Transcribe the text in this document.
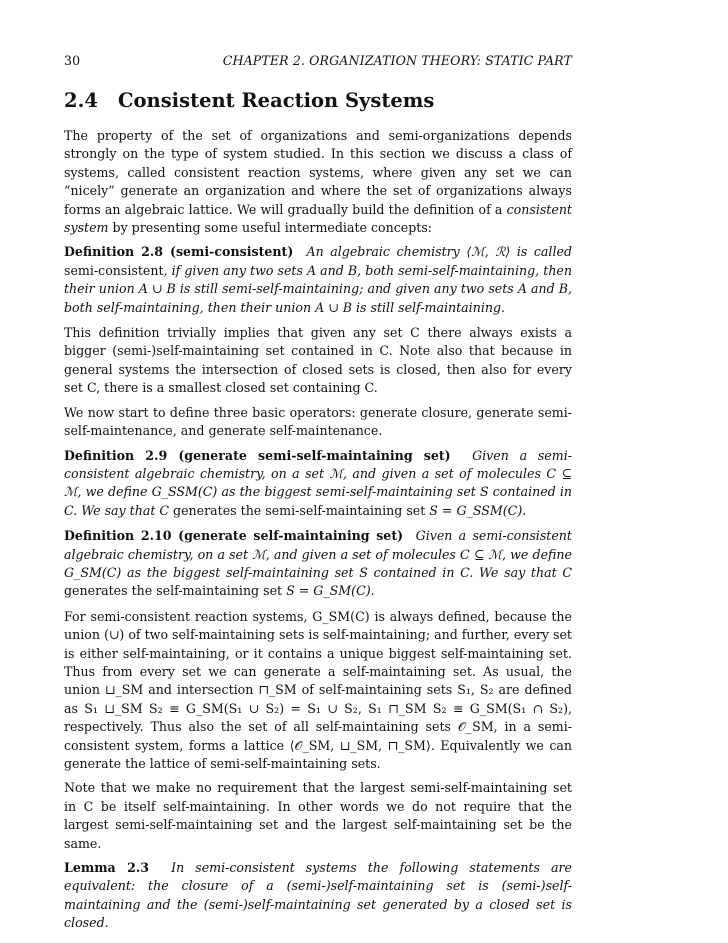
30	CHAPTER 2. ORGANIZATION THEORY: STATIC PART
2.4 Consistent Reaction Systems

The property of the set of organizations and semi-organizations depends strongly on the type of system studied. In this section we discuss a class of systems, called consistent reaction systems, where given any set we can “nicely” generate an organization and where the set of organizations always forms an algebraic lattice. We will gradually build the definition of a consistent system by presenting some useful intermediate concepts:

Definition 2.8 (semi-consistent) An algebraic chemistry ⟨ℳ, ℛ⟩ is called semi-consistent, if given any two sets A and B, both semi-self-maintaining, then their union A ∪ B is still semi-self-maintaining; and given any two sets A and B, both self-maintaining, then their union A ∪ B is still self-maintaining.

This definition trivially implies that given any set C there always exists a bigger (semi-)self-maintaining set contained in C. Note also that because in general systems the intersection of closed sets is closed, then also for every set C, there is a smallest closed set containing C.

We now start to define three basic operators: generate closure, generate semi-self-maintenance, and generate self-maintenance.

Definition 2.9 (generate semi-self-maintaining set) Given a semi-consistent algebraic chemistry, on a set ℳ, and given a set of molecules C ⊆ ℳ, we define G_SSM(C) as the biggest semi-self-maintaining set S contained in C. We say that C generates the semi-self-maintaining set S = G_SSM(C).

Definition 2.10 (generate self-maintaining set) Given a semi-consistent algebraic chemistry, on a set ℳ, and given a set of molecules C ⊆ ℳ, we define G_SM(C) as the biggest self-maintaining set S contained in C. We say that C generates the self-maintaining set S = G_SM(C).

For semi-consistent reaction systems, G_SM(C) is always defined, because the union (∪) of two self-maintaining sets is self-maintaining; and further, every set is either self-maintaining, or it contains a unique biggest self-maintaining set. Thus from every set we can generate a self-maintaining set. As usual, the union ⊔_SM and intersection ⊓_SM of self-maintaining sets S₁, S₂ are defined as S₁ ⊔_SM S₂ ≡ G_SM(S₁ ∪ S₂) = S₁ ∪ S₂, S₁ ⊓_SM S₂ ≡ G_SM(S₁ ∩ S₂), respectively. Thus also the set of all self-maintaining sets 𝒪_SM, in a semi-consistent system, forms a lattice ⟨𝒪_SM, ⊔_SM, ⊓_SM⟩. Equivalently we can generate the lattice of semi-self-maintaining sets.

Note that we make no requirement that the largest semi-self-maintaining set in C be itself self-maintaining. In other words we do not require that the largest semi-self-maintaining set and the largest self-maintaining set be the same.

Lemma 2.3 In semi-consistent systems the following statements are equivalent: the closure of a (semi-)self-maintaining set is (semi-)self-maintaining and the (semi-)self-maintaining set generated by a closed set is closed.
